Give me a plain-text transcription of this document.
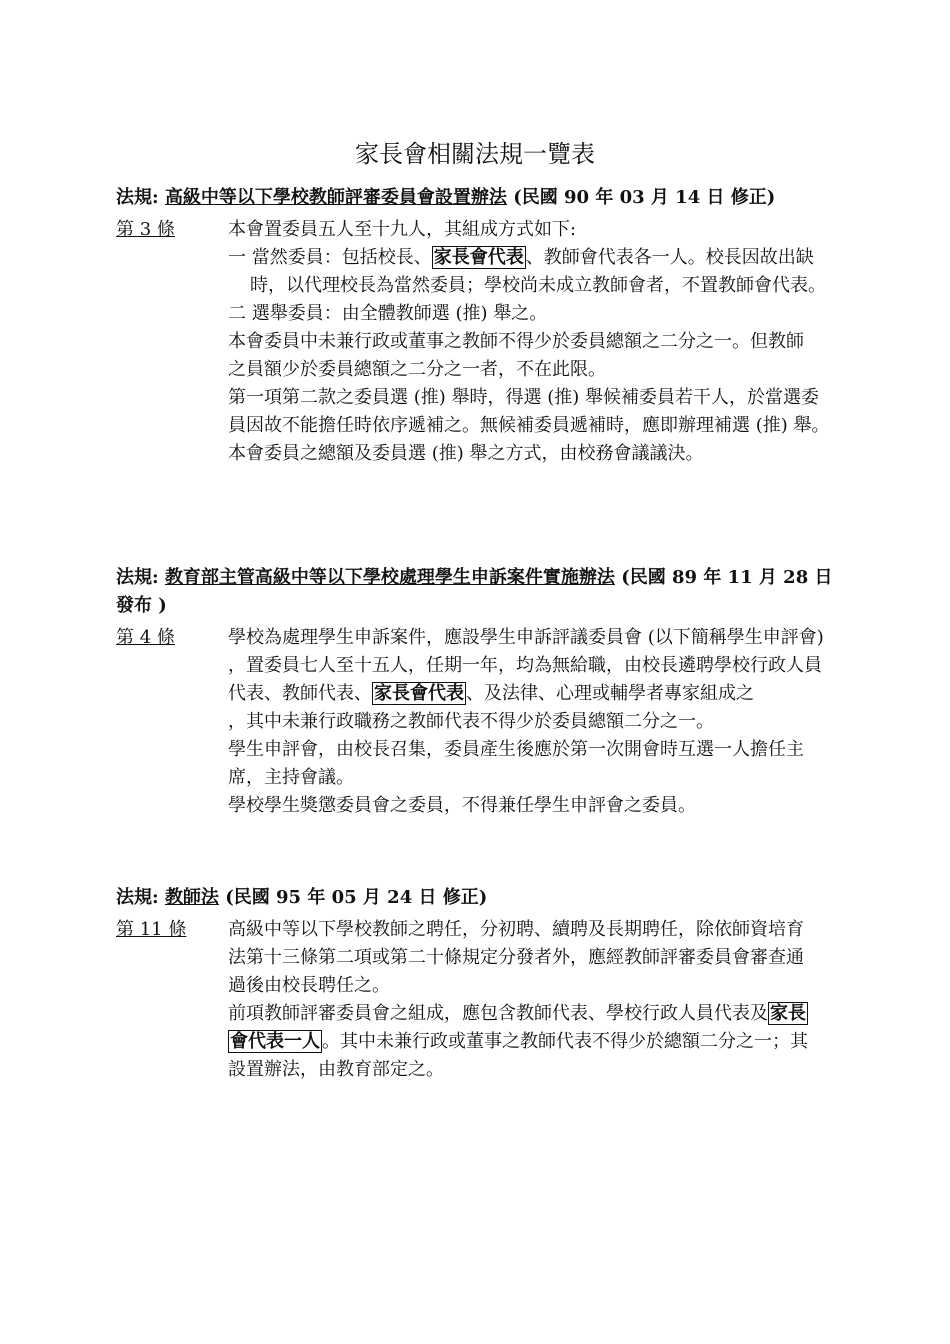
家長會相關法規一覽表
法規: 高級中等以下學校教師評審委員會設置辦法 (民國 90 年 03 月 14 日 修正)
第 3 條	本會置委員五人至十九人，其組成方式如下:

一 當然委員：包括校長、 家長會代表 、教師會代表各一人。校長因故出缺時，以代理校長為當然委員；學校尚未成立教師會者，不置教師會代表。

二 選舉委員：由全體教師選 (推) 舉之。

本會委員中未兼行政或董事之教師不得少於委員總額之二分之一。但教師

之員額少於委員總額之二分之一者，不在此限。

第一項第二款之委員選 (推) 舉時，得選 (推) 舉候補委員若干人，於當選委員因故不能擔任時依序遞補之。無候補委員遞補時，應即辦理補選 (推) 舉。

本會委員之總額及委員選 (推) 舉之方式，由校務會議議決。

法規: 教育部主管高級中等以下學校處理學生申訴案件實施辦法 (民國 89 年 11 月 28 日發布 )
第 4 條	學校為處理學生申訴案件，應設學生申訴評議委員會 (以下簡稱學生申評會) ，置委員七人至十五人，任期一年，均為無給職，由校長遴聘學校行政人員代表、教師代表、 家長會代表 、及法律、心理或輔學者專家組成之

，其中未兼行政職務之教師代表不得少於委員總額二分之一。

學生申評會，由校長召集，委員產生後應於第一次開會時互選一人擔任主

席，主持會議。

學校學生獎懲委員會之委員，不得兼任學生申評會之委員。

法規: 教師法 (民國 95 年 05 月 24 日 修正)
第 11 條 高級中等以下學校教師之聘任，分初聘、續聘及長期聘任，除依師資培育

法第十三條第二項或第二十條規定分發者外，應經教師評審委員會審查通

過後由校長聘任之。

前項教師評審委員會之組成，應包含教師代表、學校行政人員代表及 家長

會代表一人 。其中未兼行政或董事之教師代表不得少於總額二分之一；其

設置辦法，由教育部定之。
